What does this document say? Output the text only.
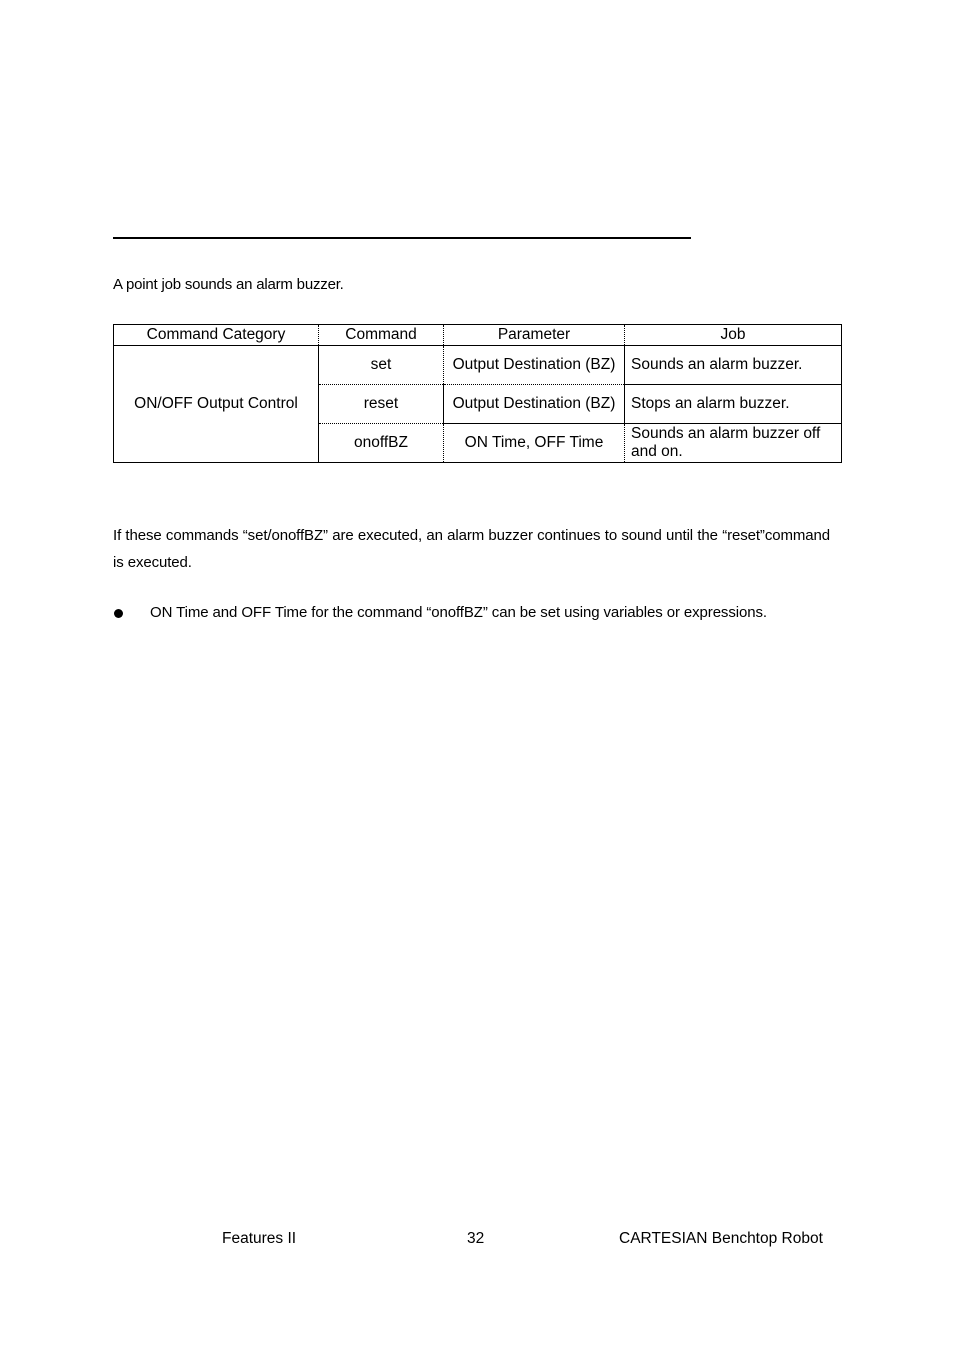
A point job sounds an alarm buzzer.
Command Category	Command	Parameter	Job
ON/OFF Output Control	set	Output Destination (BZ)	Sounds an alarm buzzer.
	reset	Output Destination (BZ)	Stops an alarm buzzer.
	onoffBZ	ON Time, OFF Time	Sounds an alarm buzzer off and on.
If these commands “set/onoffBZ” are executed, an alarm buzzer continues to sound until the “reset”command is executed.
ON Time and OFF Time for the command “onoffBZ” can be set using variables or expressions.
Features II	32	CARTESIAN Benchtop Robot
